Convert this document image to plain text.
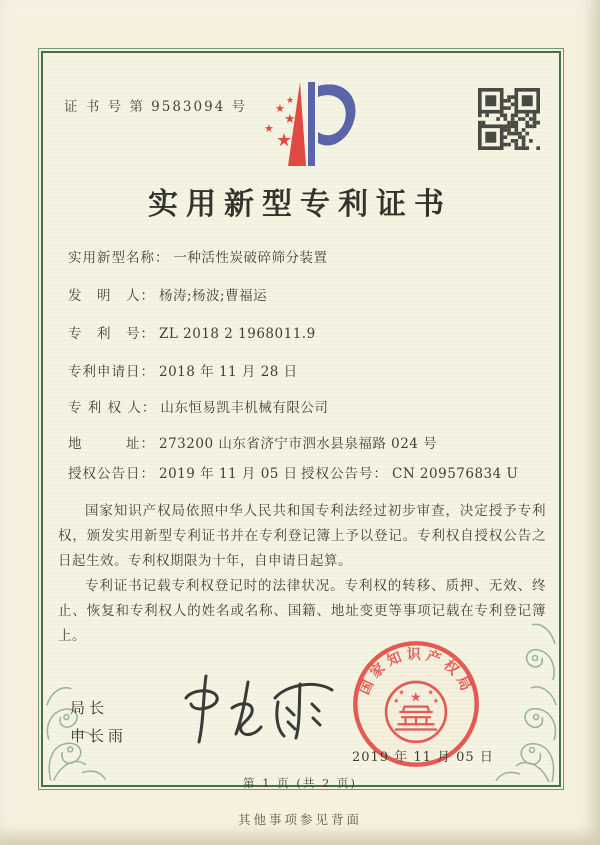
证 书 号 第 9583094 号	★
★
★
★
★
实用新型专利证书
实用新型名称： 一种活性炭破碎筛分装置
发　明　人： 杨涛;杨波;曹福运
专　利　号： ZL 2018 2 1968011.9
专利申请日： 2018 年 11 月 28 日
专 利 权 人： 山东恒易凯丰机械有限公司
地　　　址： 273200 山东省济宁市泗水县泉福路 024 号
授权公告日： 2019 年 11 月 05 日 授权公告号： CN 209576834 U

国家知识产权局依照中华人民共和国专利法经过初步审查，决定授予专利权，颁发实用新型专利证书并在专利登记簿上予以登记。专利权自授权公告之日起生效。专利权期限为十年，自申请日起算。

专利证书记载专利权登记时的法律状况。专利权的转移、质押、无效、终止、恢复和专利权人的姓名或名称、国籍、地址变更等事项记载在专利登记簿上。

局长
申长雨
国家知识产权局
★
★	★
★	★
2019 年 11 月 05 日
第 1 页 (共 2 页)
其他事项参见背面
